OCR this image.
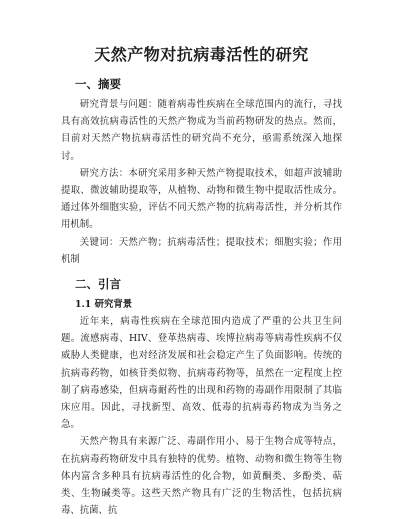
天然产物对抗病毒活性的研究
一、摘要

研究背景与问题：随着病毒性疾病在全球范围内的流行，寻找具有高效抗病毒活性的天然产物成为当前药物研发的热点。然而，目前对天然产物抗病毒活性的研究尚不充分，亟需系统深入地探讨。

研究方法：本研究采用多种天然产物提取技术，如超声波辅助提取、微波辅助提取等，从植物、动物和微生物中提取活性成分。通过体外细胞实验，评估不同天然产物的抗病毒活性，并分析其作用机制。

关键词：天然产物；抗病毒活性；提取技术；细胞实验；作用机制

二、引言
1.1 研究背景

近年来，病毒性疾病在全球范围内造成了严重的公共卫生问题。流感病毒、HIV、登革热病毒、埃博拉病毒等病毒性疾病不仅威胁人类健康，也对经济发展和社会稳定产生了负面影响。传统的抗病毒药物，如核苷类似物、抗病毒药物等，虽然在一定程度上控制了病毒感染，但病毒耐药性的出现和药物的毒副作用限制了其临床应用。因此，寻找新型、高效、低毒的抗病毒药物成为当务之急。

天然产物具有来源广泛、毒副作用小、易于生物合成等特点，在抗病毒药物研发中具有独特的优势。植物、动物和微生物等生物体内富含多种具有抗病毒活性的化合物，如黄酮类、多酚类、萜类、生物碱类等。这些天然产物具有广泛的生物活性，包括抗病毒、抗菌、抗
